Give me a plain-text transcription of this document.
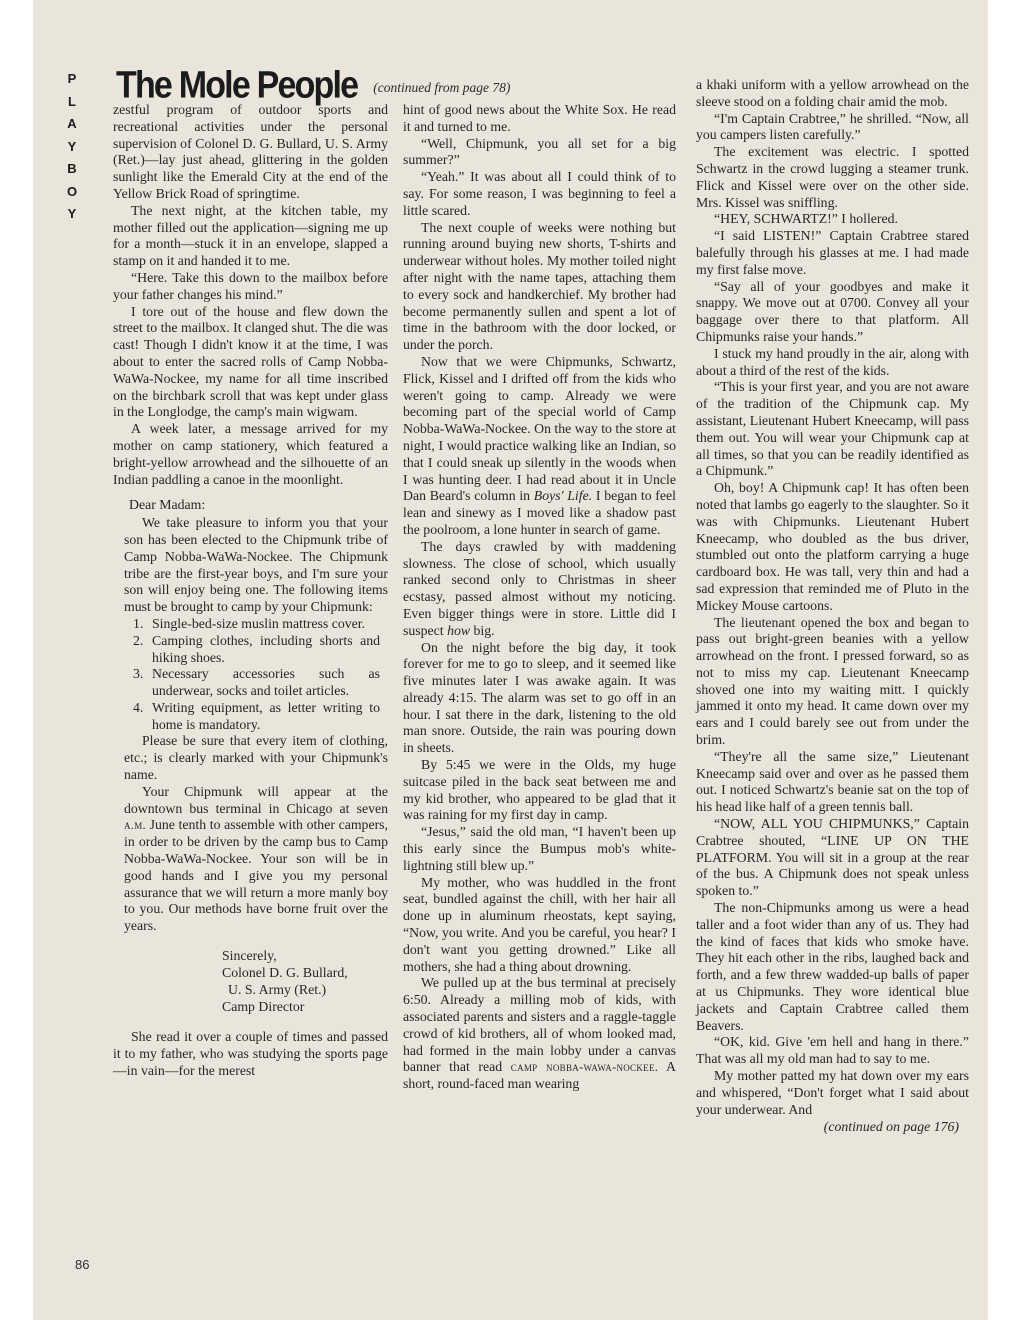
P
L
A
Y
B
O
Y
The Mole People $^{(continued from page 78)}$

zestful program of outdoor sports and recreational activities under the personal supervision of Colonel D. G. Bullard, U. S. Army (Ret.)—lay just ahead, glittering in the golden sunlight like the Emerald City at the end of the Yellow Brick Road of springtime.

The next night, at the kitchen table, my mother filled out the application—signing me up for a month—stuck it in an envelope, slapped a stamp on it and handed it to me.

“Here. Take this down to the mailbox before your father changes his mind.”

I tore out of the house and flew down the street to the mailbox. It clanged shut. The die was cast! Though I didn't know it at the time, I was about to enter the sacred rolls of Camp Nobba-WaWa-Nockee, my name for all time inscribed on the birchbark scroll that was kept under glass in the Longlodge, the camp's main wigwam.

A week later, a message arrived for my mother on camp stationery, which featured a bright-yellow arrowhead and the silhouette of an Indian paddling a canoe in the moonlight.

Dear Madam:

We take pleasure to inform you that your son has been elected to the Chipmunk tribe of Camp Nobba-WaWa-Nockee. The Chipmunk tribe are the first-year boys, and I'm sure your son will enjoy being one. The following items must be brought to camp by your Chipmunk:

1. Single-bed-size muslin mattress cover.
2. Camping clothes, including shorts and hiking shoes.
3. Necessary accessories such as underwear, socks and toilet articles.
4. Writing equipment, as letter writing to home is mandatory.

Please be sure that every item of clothing, etc.; is clearly marked with your Chipmunk's name.

Your Chipmunk will appear at the downtown bus terminal in Chicago at seven a.m. June tenth to assemble with other campers, in order to be driven by the camp bus to Camp Nobba-WaWa-Nockee. Your son will be in good hands and I give you my personal assurance that we will return a more manly boy to you. Our methods have borne fruit over the years.

Sincerely,
Colonel D. G. Bullard,
U. S. Army (Ret.)
Camp Director

She read it over a couple of times and passed it to my father, who was studying the sports page—in vain—for the merest

hint of good news about the White Sox. He read it and turned to me.

“Well, Chipmunk, you all set for a big summer?”

“Yeah.” It was about all I could think of to say. For some reason, I was beginning to feel a little scared.

The next couple of weeks were nothing but running around buying new shorts, T-shirts and underwear without holes. My mother toiled night after night with the name tapes, attaching them to every sock and handkerchief. My brother had become permanently sullen and spent a lot of time in the bathroom with the door locked, or under the porch.

Now that we were Chipmunks, Schwartz, Flick, Kissel and I drifted off from the kids who weren't going to camp. Already we were becoming part of the special world of Camp Nobba-WaWa-Nockee. On the way to the store at night, I would practice walking like an Indian, so that I could sneak up silently in the woods when I was hunting deer. I had read about it in Uncle Dan Beard's column in Boys' Life. I began to feel lean and sinewy as I moved like a shadow past the poolroom, a lone hunter in search of game.

The days crawled by with maddening slowness. The close of school, which usually ranked second only to Christmas in sheer ecstasy, passed almost without my noticing. Even bigger things were in store. Little did I suspect how big.

On the night before the big day, it took forever for me to go to sleep, and it seemed like five minutes later I was awake again. It was already 4:15. The alarm was set to go off in an hour. I sat there in the dark, listening to the old man snore. Outside, the rain was pouring down in sheets.

By 5:45 we were in the Olds, my huge suitcase piled in the back seat between me and my kid brother, who appeared to be glad that it was raining for my first day in camp.

“Jesus,” said the old man, “I haven't been up this early since the Bumpus mob's white-lightning still blew up.”

My mother, who was huddled in the front seat, bundled against the chill, with her hair all done up in aluminum rheostats, kept saying, “Now, you write. And you be careful, you hear? I don't want you getting drowned.” Like all mothers, she had a thing about drowning.

We pulled up at the bus terminal at precisely 6:50. Already a milling mob of kids, with associated parents and sisters and a raggle-taggle crowd of kid brothers, all of whom looked mad, had formed in the main lobby under a canvas banner that read camp nobba-wawa-nockee. A short, round-faced man wearing

a khaki uniform with a yellow arrowhead on the sleeve stood on a folding chair amid the mob.

“I'm Captain Crabtree,” he shrilled. “Now, all you campers listen carefully.”

The excitement was electric. I spotted Schwartz in the crowd lugging a steamer trunk. Flick and Kissel were over on the other side. Mrs. Kissel was sniffling.

“HEY, SCHWARTZ!” I hollered.

“I said LISTEN!” Captain Crabtree stared balefully through his glasses at me. I had made my first false move.

“Say all of your goodbyes and make it snappy. We move out at 0700. Convey all your baggage over there to that platform. All Chipmunks raise your hands.”

I stuck my hand proudly in the air, along with about a third of the rest of the kids.

“This is your first year, and you are not aware of the tradition of the Chipmunk cap. My assistant, Lieutenant Hubert Kneecamp, will pass them out. You will wear your Chipmunk cap at all times, so that you can be readily identified as a Chipmunk.”

Oh, boy! A Chipmunk cap! It has often been noted that lambs go eagerly to the slaughter. So it was with Chipmunks. Lieutenant Hubert Kneecamp, who doubled as the bus driver, stumbled out onto the platform carrying a huge cardboard box. He was tall, very thin and had a sad expression that reminded me of Pluto in the Mickey Mouse cartoons.

The lieutenant opened the box and began to pass out bright-green beanies with a yellow arrowhead on the front. I pressed forward, so as not to miss my cap. Lieutenant Kneecamp shoved one into my waiting mitt. I quickly jammed it onto my head. It came down over my ears and I could barely see out from under the brim.

“They're all the same size,” Lieutenant Kneecamp said over and over as he passed them out. I noticed Schwartz's beanie sat on the top of his head like half of a green tennis ball.

“NOW, ALL YOU CHIPMUNKS,” Captain Crabtree shouted, “LINE UP ON THE PLATFORM. You will sit in a group at the rear of the bus. A Chipmunk does not speak unless spoken to.”

The non-Chipmunks among us were a head taller and a foot wider than any of us. They had the kind of faces that kids who smoke have. They hit each other in the ribs, laughed back and forth, and a few threw wadded-up balls of paper at us Chipmunks. They wore identical blue jackets and Captain Crabtree called them Beavers.

“OK, kid. Give 'em hell and hang in there.” That was all my old man had to say to me.

My mother patted my hat down over my ears and whispered, “Don't forget what I said about your underwear. And

(continued on page 176)
86
